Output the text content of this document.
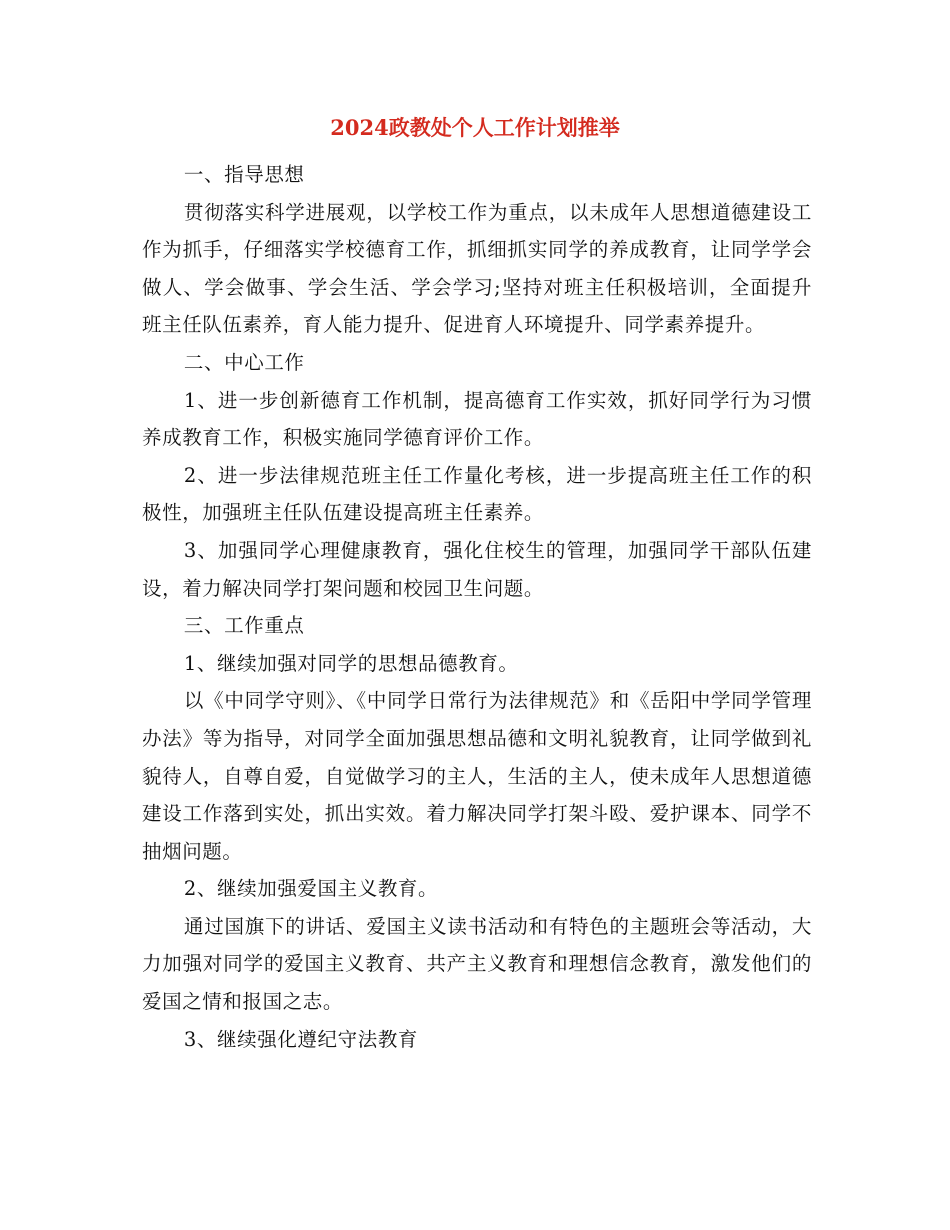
2024政教处个人工作计划推举

一、指导思想

贯彻落实科学进展观，以学校工作为重点，以未成年人思想道德建设工作为抓手，仔细落实学校德育工作，抓细抓实同学的养成教育，让同学学会做人、学会做事、学会生活、学会学习;坚持对班主任积极培训，全面提升班主任队伍素养，育人能力提升、促进育人环境提升、同学素养提升。

二、中心工作

1、进一步创新德育工作机制，提高德育工作实效，抓好同学行为习惯养成教育工作，积极实施同学德育评价工作。

2、进一步法律规范班主任工作量化考核，进一步提高班主任工作的积极性，加强班主任队伍建设提高班主任素养。

3、加强同学心理健康教育，强化住校生的管理，加强同学干部队伍建设，着力解决同学打架问题和校园卫生问题。

三、工作重点

1、继续加强对同学的思想品德教育。

以《中同学守则》、《中同学日常行为法律规范》和《岳阳中学同学管理办法》等为指导，对同学全面加强思想品德和文明礼貌教育，让同学做到礼貌待人，自尊自爱，自觉做学习的主人，生活的主人，使未成年人思想道德建设工作落到实处，抓出实效。着力解决同学打架斗殴、爱护课本、同学不抽烟问题。

2、继续加强爱国主义教育。

通过国旗下的讲话、爱国主义读书活动和有特色的主题班会等活动，大力加强对同学的爱国主义教育、共产主义教育和理想信念教育，激发他们的爱国之情和报国之志。

3、继续强化遵纪守法教育
